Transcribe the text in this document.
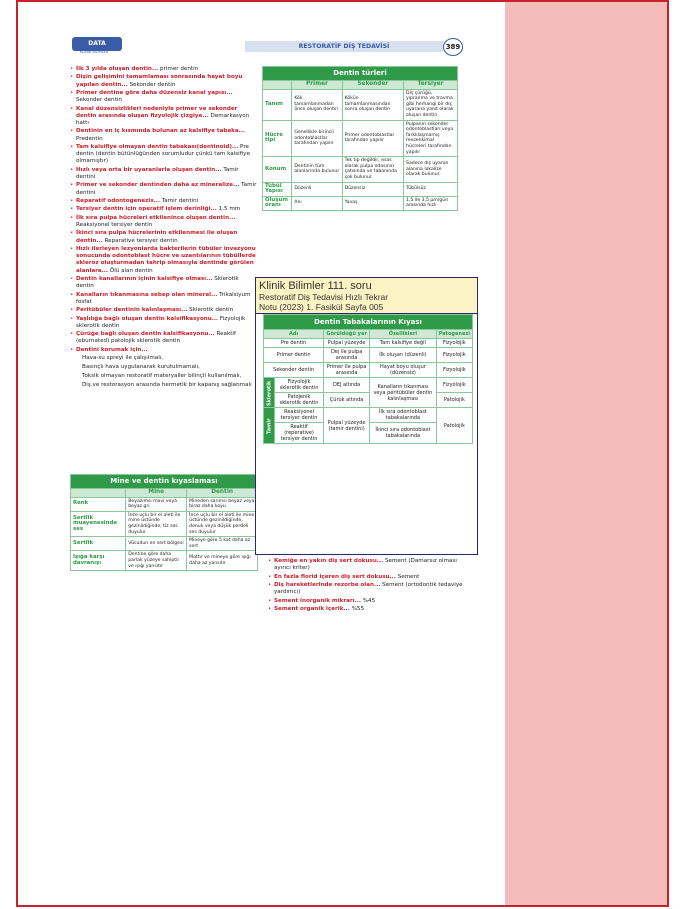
DATA
KLİNİK BİLİMLER
RESTORATİF DİŞ TEDAVİSİ	389
• İlk 3 yılda oluşan dentin... primer dentin
• Dişin gelişimini tamamlaması sonrasında hayat boyu yapılan dentin... Sekonder dentin
• Primer dentine göre daha düzensiz kanal yapısı... Sekonder dentin
• Kanal düzensizlikleri nedeniyle primer ve sekonder dentin arasında oluşan fizyolojik çizgiye... Demarkasyon hattı
• Dentinin en iç kısmında bulunan az kalsifiye tabaka... Predentin
• Tam kalsifiye olmayan dentin tabakası(dentinoid)... Pre dentin (dentin bütünlüğünden sorumludur çünkü tam kalsifiye olmamıştır)
• Hızlı veya orta bir uyaranlarla oluşan dentin... Tamir dentini
• Primer ve sekonder dentinden daha az mineralize... Tamir dentini
• Reparatif odontogenezis... Tamir dentini
• Tersiyer dentin için operatif işlem derinliği... 1,5 mm
• İlk sıra pulpa hücreleri etkilenince oluşan dentin... Reaksiyonel tersiyer dentin
• İkinci sıra pulpa hücrelerinin etkilenmesi ile oluşan dentin... Reparative tersiyer dentin
• Hızlı ilerleyen lezyonlarda bakterilerin tübüler invazyonu sonucunda odontoblast hücre ve uzantılarının tübüllerde skleroz oluşturmadan tahrip olmasıyla dentinde görülen alanlara... Ölü alan dentin
• Dentin kanallarının içinin kalsifiye olması... Sklerotik dentin
• Kanalların tıkanmasına sebep olan mineral... Trikalsiyum fosfat
• Peritübüler dentinin kalınlaşması... Sklerotik dentin
• Yaşlılığa bağlı oluşan dentin kalsifikasyonu... Fizyolojik sklerotik dentin
• Çürüğe bağlı oluşan dentin kalsifikasyonu... Reaktif (eburnated) patolojik sklerotik dentin
• Dentini korumak için...
Hava-su spreyi ile çalışılmalı,
Basınçlı hava uygulanarak kurutulmamalı,
Toksik olmayan restoratif materyaller bilinçli kullanılmalı,
Diş ve restorasyon arasında hermetik bir kapanış sağlanmalı
Dentin türleri			
	Primer	Sekonder	Tersiyer
Tanım	Kök tamamlanmadan önce oluşan dentin	Kökün tamamlanmasından sonra oluşan dentin	Diş çürüğü, yıpranma ve travma gibi herhangi bir dış uyarana yanıt olarak oluşan dentin
Hücre tipi	Genellikle birincil odontoblastlar tarafından yapılır	Primer odontoblastlar tarafından yapılır	Pulpanın sekonder odontoblastları veya farklılaşmamış mezenkimal hücreleri tarafından yapılır
Konum	Dentinin tüm alanlarında bulunur	Tek tip değildir, esas olarak pulpa odasının çatısında ve tabanında çok bulunur	Sadece dış uyaran alanına lokalize olarak bulunur.
Tübül Yapısı	Düzenli	Düzensiz	Tübülsüz
Oluşum oranı	Anı	Yavaş	1,5 ile 3,5 μm/gün arasında hızlı
Mine ve dentin kıyaslaması		
	Mine	Dentin
Renk	Beyazımsı mavi veya beyaz gri	Mineden sarımsı beyaz veya biraz daha koyu
Sertlik muayenesinde ses	İnce uçlu bir el aleti ile mine üstünde gezinildiğinde, tiz ses duyulur	İnce uçlu bir el aleti ile mine üstünde gezinildiğinde, donuk veya düşük perdeli ses duyulur
Sertlik	Vücudun en sert bölgesi	Mineye göre 5 kat daha az sert
Işığa karşı davranışı	Dentine göre daha parlak yüzeye sahiptir ve ışığı yansıtır	Mattır ve mineye göre ışığı daha az yansıtır
Klinik Bilimler 111. soru
Restoratif Diş Tedavisi Hızlı Tekrar
Notu (2023) 1. Fasikül Sayfa 005
Dentin Tabakalarının Kıyası				
Adı		Görüldüğü yer	Özellikleri	Patogenezi
Pre dentin		Pulpal yüzeyde	Tam kalsifiye değil	Fizyolojik
Primer dentin		Dej ile pulpa arasında	İlk oluşan (düzenli)	Fizyolojik
Sekonder dentin		Primer ile pulpa arasında	Hayat boyu oluşur (düzensiz)	Fizyolojik
Sklerotik	Fizyolojik sklerotik dentin	DEJ altında	Kanalların tıkanması veya peritübüler dentin kalınlaşması	Fizyolojik
	Patojenik sklerotik dentin	Çürük altında		Patolojik
Tamir	Reaksiyonel tersiyer dentin	Pulpal yüzeyde (tamir dentini)	İlk sıra odontoblast tabakalarında	Patolojik
	Reaktif (reperative) tersiyer dentin		İkinci sıra odontoblast tabakalarında	
• Kemiğe en yakın diş sert dokusu... Sement (Damarsız olması ayırıcı kriter)
• En fazla florid içeren diş sert dokusu... Sement
• Diş hareketlerinde rezorbe olan... Sement (ortodontik tedaviye yardımcı)
• Sement inorganik mikrarı... %45
• Sement organik içerik... %55
